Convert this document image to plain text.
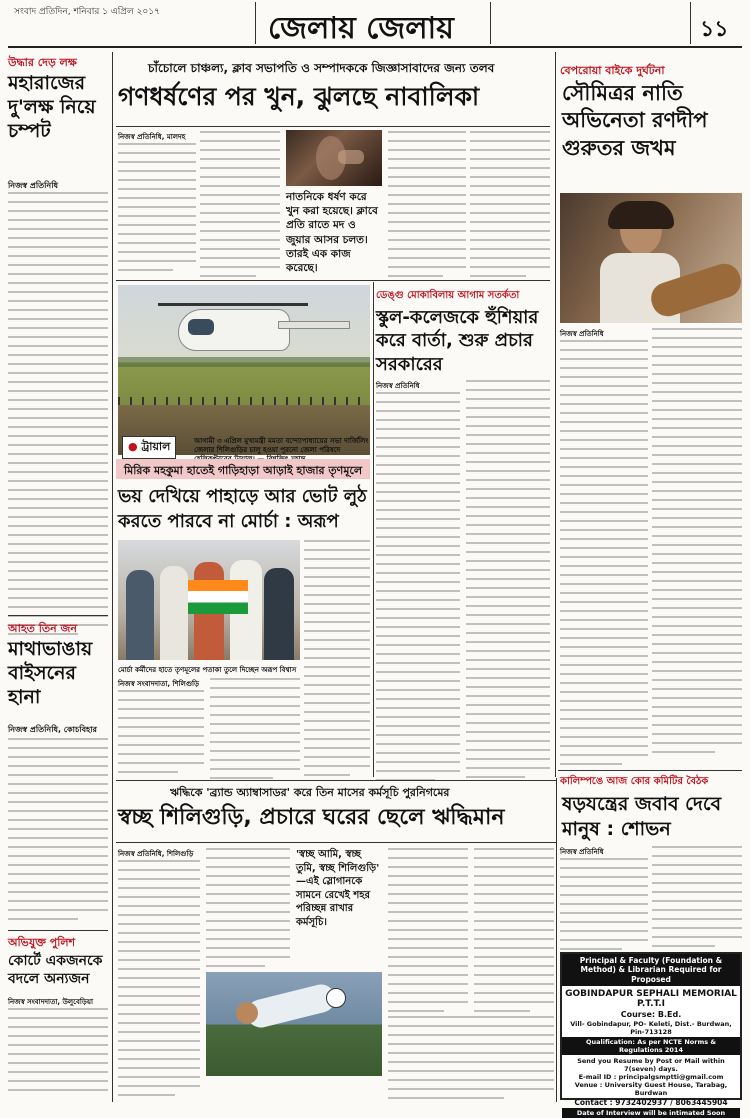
সংবাদ প্রতিদিন, শনিবার ১ এপ্রিল ২০১৭	জেলায় জেলায়	১১
উদ্ধার দেড় লক্ষ
মহারাজের দু'লক্ষ নিয়ে চম্পট
নিজস্ব প্রতিনিধি
আহত তিন জন
মাথাভাঙায় বাইসনের হানা
নিজস্ব প্রতিনিধি, কোচবিহার
অভিযুক্ত পুলিশ
কোর্টে একজনকে বদলে অন্যজন
নিজস্ব সংবাদদাতা, উলুবেড়িয়া
চাঁচোলে চাঞ্চল্য, ক্লাব সভাপতি ও সম্পাদককে জিজ্ঞাসাবাদের জন্য তলব
গণধর্ষণের পর খুন, ঝুলছে নাবালিকা
নিজস্ব প্রতিনিধি, মালদহ
নাতনিকে ধর্ষণ করে খুন করা হয়েছে। ক্লাবে প্রতি রাতে মদ ও জুয়ার আসর চলত। তারই এক কাজ করেছে।
বেপরোয়া বাইকে দুর্ঘটনা
সৌমিত্রর নাতি অভিনেতা রণদীপ গুরুতর জখম
নিজস্ব প্রতিনিধি
● ট্রায়াল	আগামী ৩ এপ্রিল মুখ্যমন্ত্রী মমতা বন্দ্যোপাধ্যায়ের সভা দার্জিলিং জেলার শিলিগুড়ির চালু হওয়া পুরনো জেলা পরিষদে
ডেঙ্গু মোকাবিলায় আগাম সতর্কতা
স্কুল-কলেজকে হুঁশিয়ার করে বার্তা, শুরু প্রচার সরকারের
নিজস্ব প্রতিনিধি
মিরিক মহকুমা হাতেই গাড়িহাড়া আড়াই হাজার তৃণমূলে
ভয় দেখিয়ে পাহাড়ে আর ভোট লুঠ করতে পারবে না মোর্চা : অরূপ
মোর্চা কর্মীদের হাতে তৃণমূলের পতাকা তুলে দিচ্ছেন অরূপ বিশ্বাস
নিজস্ব সংবাদদাতা, শিলিগুড়ি
কালিম্পঙে আজ কোর কমিটির বৈঠক
ষড়যন্ত্রের জবাব দেবে মানুষ : শোভন
নিজস্ব প্রতিনিধি
ঋদ্ধিকে 'ব্র্যান্ড অ্যাম্বাসাডর' করে তিন মাসের কর্মসূচি পুরনিগমের
স্বচ্ছ শিলিগুড়ি, প্রচারে ঘরের ছেলে ঋদ্ধিমান
নিজস্ব প্রতিনিধি, শিলিগুড়ি	'স্বচ্ছ আমি, স্বচ্ছ তুমি, স্বচ্ছ শিলিগুড়ি' —এই স্লোগানকে সামনে রেখেই শহর পরিচ্ছন্ন রাখার কর্মসূচি।
Principal & Faculty (Foundation & Method) & Librarian Required for Proposed
GOBINDAPUR SEPHALI MEMORIAL P.T.T.I
Course: B.Ed.
Vill- Gobindapur, PO- Keleti, Dist.- Burdwan, Pin-713128
Qualification: As per NCTE Norms & Regulations 2014
Send you Resume by Post or Mail within 7(seven) days.
E-mail ID : principalgsmptti@gmail.com
Venue : University Guest House, Tarabag, Burdwan
Contact : 9732402937 / 8063445904
Date of Interview will be intimated Soon
